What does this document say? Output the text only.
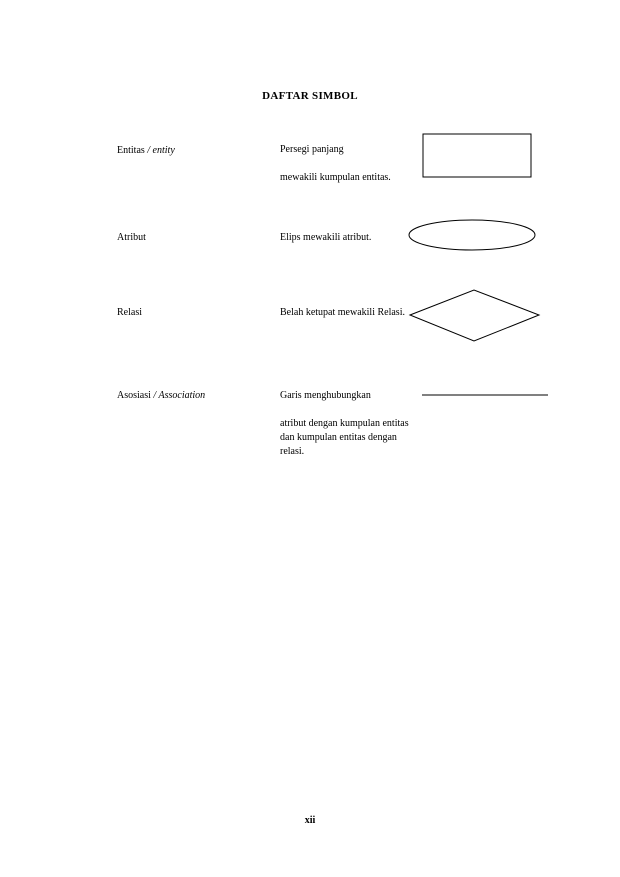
DAFTAR SIMBOL
Entitas / entity	Persegi panjang

mewakili kumpulan entitas.

Atribut	Elips mewakili atribut.

Relasi	Belah ketupat mewakili Relasi.

Asosiasi / Association	Garis menghubungkan

atribut dengan kumpulan entitas dan kumpulan entitas dengan relasi.

xii
